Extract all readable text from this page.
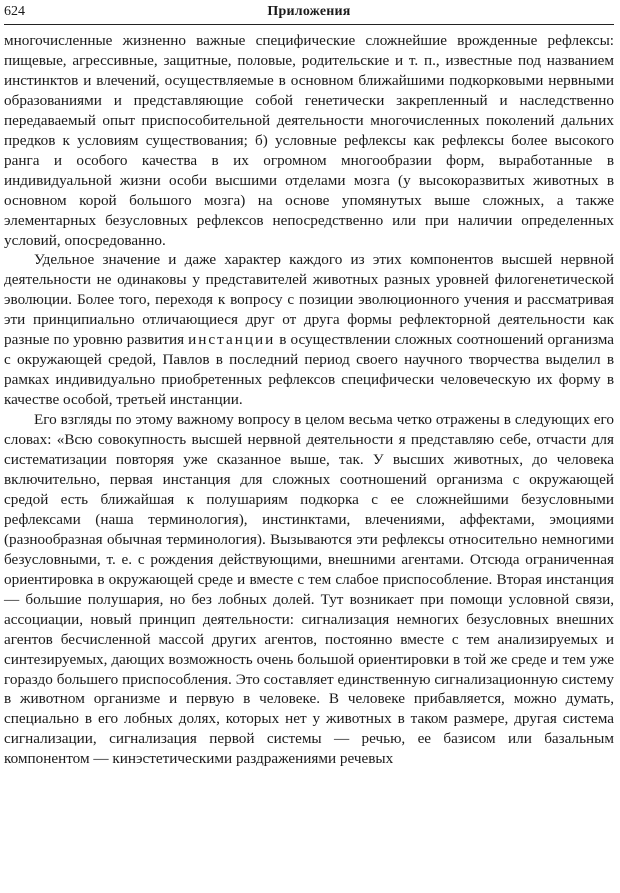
624	Приложения

многочисленные жизненно важные специфические сложнейшие врожденные рефлексы: пищевые, агрессивные, защитные, половые, родительские и т. п., известные под названием инстинктов и влечений, осуществляемые в основном ближайшими подкорковыми нервными образованиями и представляющие собой генетически закрепленный и наследственно передаваемый опыт приспособительной деятельности многочисленных поколений дальних предков к условиям существования; б) условные рефлексы как рефлексы более высокого ранга и особого качества в их огромном многообразии форм, выработанные в индивидуальной жизни особи высшими отделами мозга (у высокоразвитых животных в основном корой большого мозга) на основе упомянутых выше сложных, а также элементарных безусловных рефлексов непосредственно или при наличии определенных условий, опосредованно.

Удельное значение и даже характер каждого из этих компонентов высшей нервной деятельности не одинаковы у представителей животных разных уровней филогенетической эволюции. Более того, переходя к вопросу с позиции эволюционного учения и рассматривая эти принципиально отличающиеся друг от друга формы рефлекторной деятельности как разные по уровню развития инстанции в осуществлении сложных соотношений организма с окружающей средой, Павлов в последний период своего научного творчества выделил в рамках индивидуально приобретенных рефлексов специфически человеческую их форму в качестве особой, третьей инстанции.

Его взгляды по этому важному вопросу в целом весьма четко отражены в следующих его словах: «Всю совокупность высшей нервной деятельности я представляю себе, отчасти для систематизации повторяя уже сказанное выше, так. У высших животных, до человека включительно, первая инстанция для сложных соотношений организма с окружающей средой есть ближайшая к полушариям подкорка с ее сложнейшими безусловными рефлексами (наша терминология), инстинктами, влечениями, аффектами, эмоциями (разнообразная обычная терминология). Вызываются эти рефлексы относительно немногими безусловными, т. е. с рождения действующими, внешними агентами. Отсюда ограниченная ориентировка в окружающей среде и вместе с тем слабое приспособление. Вторая инстанция — большие полушария, но без лобных долей. Тут возникает при помощи условной связи, ассоциации, новый принцип деятельности: сигнализация немногих безусловных внешних агентов бесчисленной массой других агентов, постоянно вместе с тем анализируемых и синтезируемых, дающих возможность очень большой ориентировки в той же среде и тем уже гораздо большего приспособления. Это составляет единственную сигнализационную систему в животном организме и первую в человеке. В человеке прибавляется, можно думать, специально в его лобных долях, которых нет у животных в таком размере, другая система сигнализации, сигнализация первой системы — речью, ее базисом или базальным компонентом — кинэстетическими раздражениями речевых
